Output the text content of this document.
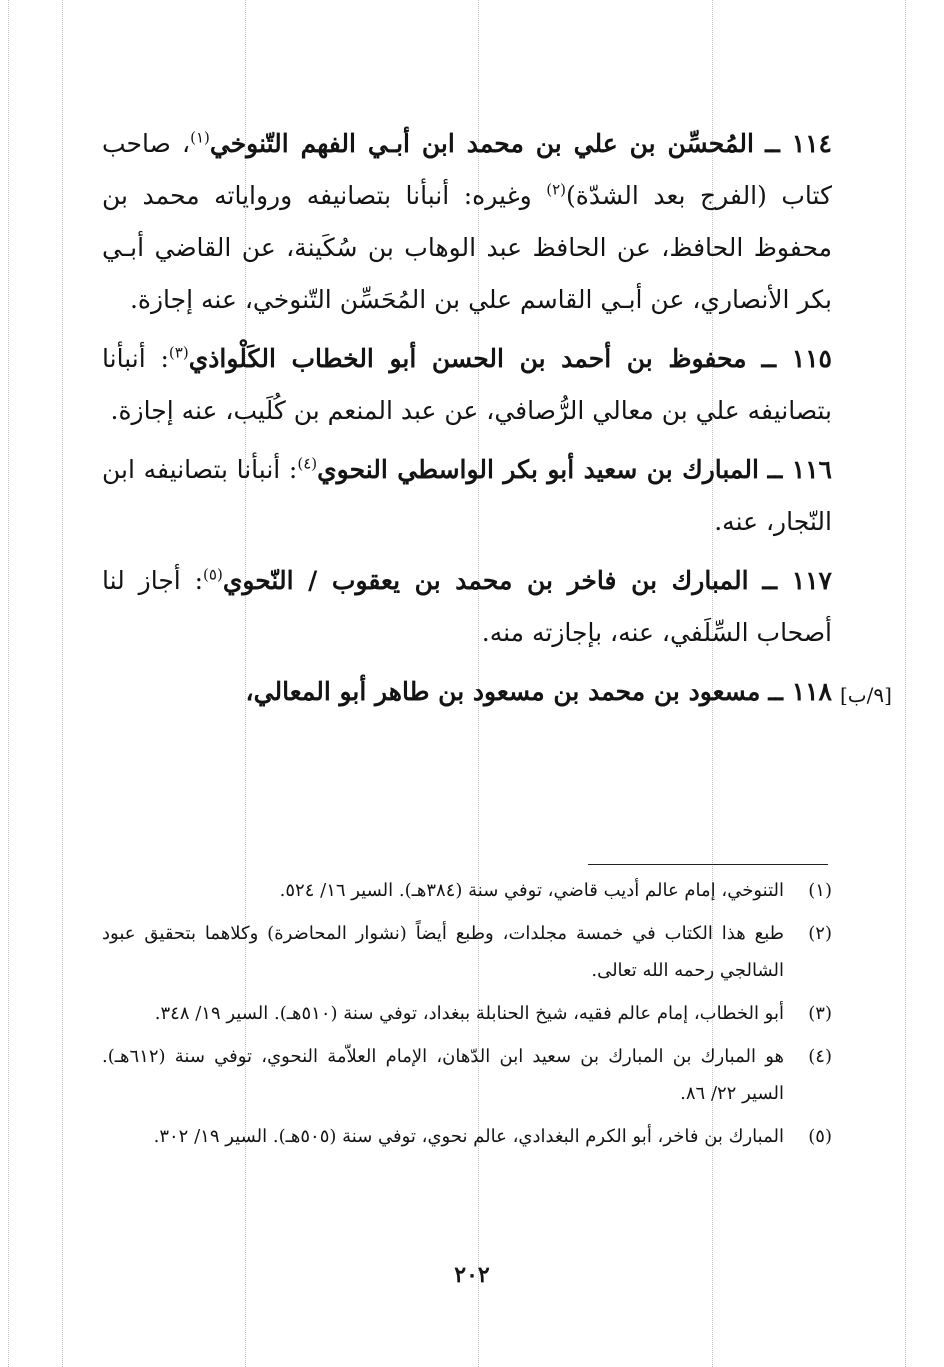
١١٤ ــ المُحسِّن بن علي بن محمد ابن أبـي الفهم التّنوخي$^{(١)}$، صاحب كتاب (الفرج بعد الشدّة)$^{(٢)}$ وغيره: أنبأنا بتصانيفه ورواياته محمد بن محفوظ الحافظ، عن الحافظ عبد الوهاب بن سُكَينة، عن القاضي أبـي بكر الأنصاري، عن أبـي القاسم علي بن المُحَسِّن التّنوخي، عنه إجازة.

١١٥ ــ محفوظ بن أحمد بن الحسن أبو الخطاب الكَلْواذي$^{(٣)}$: أنبأنا بتصانيفه علي بن معالي الرُّصافي، عن عبد المنعم بن كُلَيب، عنه إجازة.

١١٦ ــ المبارك بن سعيد أبو بكر الواسطي النحوي$^{(٤)}$: أنبأنا بتصانيفه ابن النّجار، عنه.

١١٧ ــ المبارك بن فاخر بن محمد بن يعقوب / النّحوي$^{(٥)}$: أجاز لنا أصحاب السِّلَفي، عنه، بإجازته منه.

١١٨ ــ مسعود بن محمد بن مسعود بن طاهر أبو المعالي،	[٩/ب]
(١)
التنوخي، إمام عالم أديب قاضي، توفي سنة (٣٨٤هـ). السير ١٦/ ٥٢٤.
(٢)
طبع هذا الكتاب في خمسة مجلدات، وطبع أيضاً (نشوار المحاضرة) وكلاهما بتحقيق عبود الشالجي رحمه الله تعالى.
(٣)
أبو الخطاب، إمام عالم فقيه، شيخ الحنابلة ببغداد، توفي سنة (٥١٠هـ). السير ١٩/ ٣٤٨.
(٤)
هو المبارك بن المبارك بن سعيد ابن الدّهان، الإمام العلاّمة النحوي، توفي سنة (٦١٢هـ). السير ٢٢/ ٨٦.
(٥)
المبارك بن فاخر، أبو الكرم البغدادي، عالم نحوي، توفي سنة (٥٠٥هـ). السير ١٩/ ٣٠٢.
٢٠٢
